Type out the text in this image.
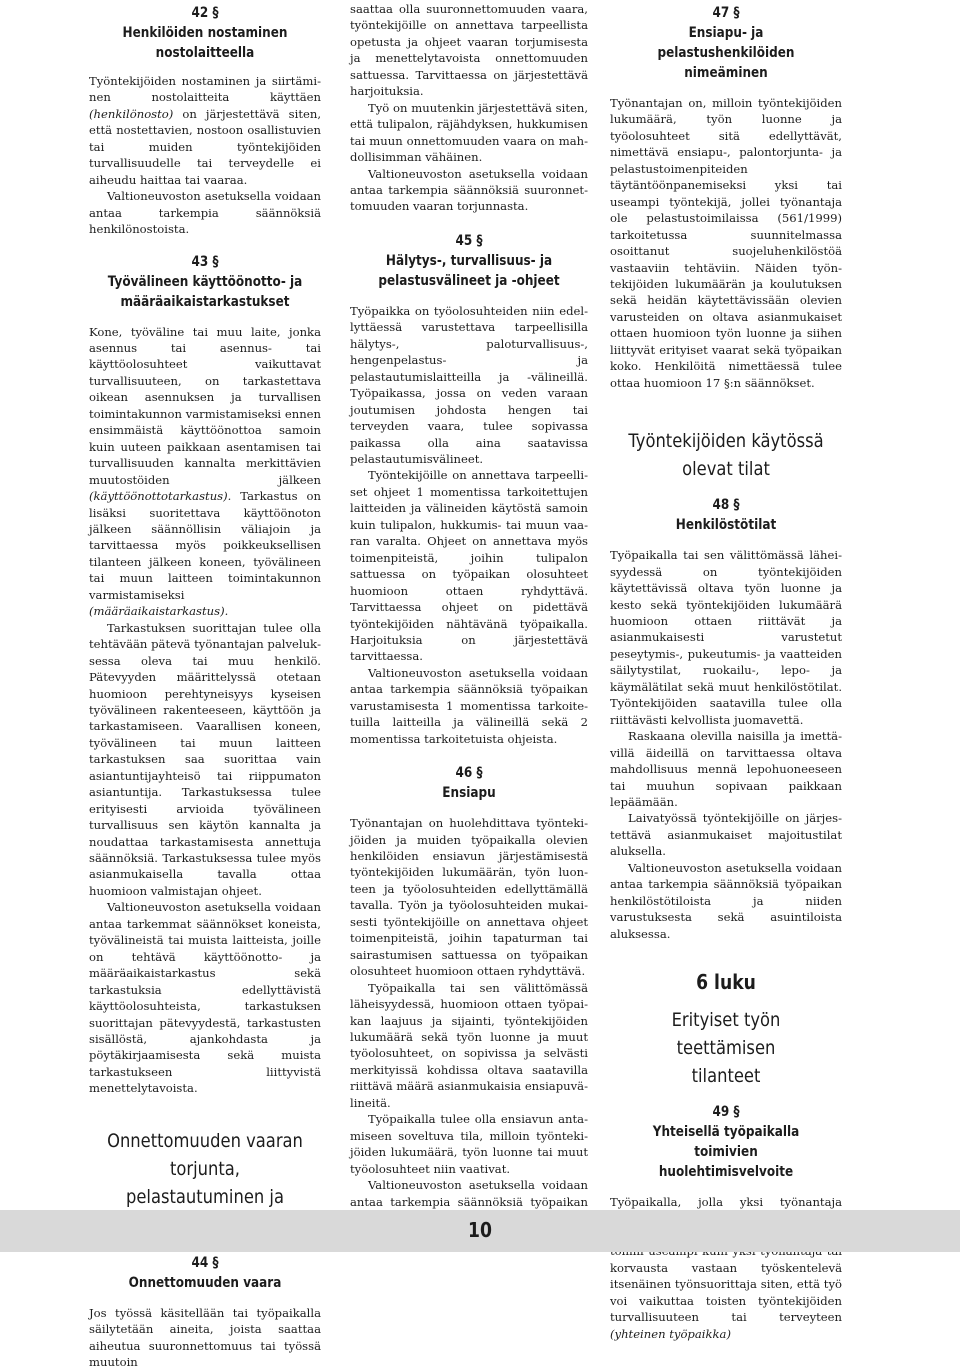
42 §

Henkilöiden nostaminen
nostolaitteella

Työntekijöiden nostaminen ja siirtäminen nostolaitteita käyttäen (henkilönosto) on järjestettävä siten, että nostettavien, nostoon osallistuvien tai muiden työntekijöiden turvallisuudelle tai terveydelle ei aiheudu haittaa tai vaaraa.

Valtioneuvoston asetuksella voidaan antaa tarkempia säännöksiä henkilönostoista.

43 §

Työvälineen käyttöönotto- ja
määräaikaistarkastukset

Kone, työväline tai muu laite, jonka asennus tai asennus- tai käyttöolosuhteet vaikuttavat turvallisuuteen, on tarkastettava oikean asennuksen ja turvallisen toimintakunnon varmistamiseksi ennen ensimmäistä käyttöönottoa samoin kuin uuteen paikkaan asentamisen tai turvallisuuden kannalta merkittävien muutostöiden jälkeen (käyttöönottotarkastus). Tarkastus on lisäksi suoritettava käyttöönoton jälkeen säännöllisin väliajoin ja tarvittaessa myös poikkeuksellisen tilanteen jälkeen koneen, työvälineen tai muun laitteen toimintakunnon varmistamiseksi (määräaikaistarkastus).

Tarkastuksen suorittajan tulee olla tehtävään pätevä työnantajan palveluksessa oleva tai muu henkilö. Pätevyyden määrittelyssä otetaan huomioon perehtyneisyys kyseisen työvälineen rakenteeseen, käyttöön ja tarkastamiseen. Vaarallisen koneen, työvälineen tai muun laitteen tarkastuksen saa suorittaa vain asiantuntijayhteisö tai riippumaton asiantuntija. Tarkastuksessa tulee erityisesti arvioida työvälineen turvallisuus sen käytön kannalta ja noudattaa tarkastamisesta annettuja säännöksiä. Tarkastuksessa tulee myös asianmukaisella tavalla ottaa huomioon valmistajan ohjeet.

Valtioneuvoston asetuksella voidaan antaa tarkemmat säännökset koneista, työvälineistä tai muista laitteista, joille on tehtävä käyttöönotto- ja määräaikaistarkastus sekä tarkastuksia edellyttävistä käyttöolosuhteista, tarkastuksen suorittajan pätevyydestä, tarkastusten sisällöstä, ajankohdasta ja pöytäkirjaamisesta sekä muista tarkastukseen liittyvistä menettelytavoista.

Onnettomuuden vaaran torjunta,
pelastautuminen ja

44 §

Onnettomuuden vaara

Jos työssä käsitellään tai työpaikalla säilytetään aineita, joista saattaa aiheutua suuronnettomuus tai työssä muutoin

saattaa olla suuronnettomuuden vaara, työntekijöille on annettava tarpeellista opetusta ja ohjeet vaaran torjumisesta ja menettelytavoista onnettomuuden sattuessa. Tarvittaessa on järjestettävä harjoituksia.

Työ on muutenkin järjestettävä siten, että tulipalon, räjähdyksen, hukkumisen tai muun onnettomuuden vaara on mahdollisimman vähäinen.

Valtioneuvoston asetuksella voidaan antaa tarkempia säännöksiä suuronnettomuuden vaaran torjunnasta.

45 §

Hälytys-, turvallisuus- ja
pelastusvälineet ja -ohjeet

Työpaikka on työolosuhteiden niin edellyttäessä varustettava tarpeellisilla hälytys-, paloturvallisuus-, hengenpelastus- ja pelastautumislaitteilla ja -välineillä. Työpaikassa, jossa on veden varaan joutumisen johdosta hengen tai terveyden vaara, tulee sopivassa paikassa olla aina saatavissa pelastautumisvälineet.

Työntekijöille on annettava tarpeelliset ohjeet 1 momentissa tarkoitettujen laitteiden ja välineiden käytöstä samoin kuin tulipalon, hukkumis- tai muun vaaran varalta. Ohjeet on annettava myös toimenpiteistä, joihin tulipalon sattuessa on työpaikan olosuhteet huomioon ottaen ryhdyttävä. Tarvittaessa ohjeet on pidettävä työntekijöiden nähtävänä työpaikalla. Harjoituksia on järjestettävä tarvittaessa.

Valtioneuvoston asetuksella voidaan antaa tarkempia säännöksiä työpaikan varustamisesta 1 momentissa tarkoitetuilla laitteilla ja välineillä sekä 2 momentissa tarkoitetuista ohjeista.

46 §

Ensiapu

Työnantajan on huolehdittava työntekijöiden ja muiden työpaikalla olevien henkilöiden ensiavun järjestämisestä työntekijöiden lukumäärän, työn luonteen ja työolosuhteiden edellyttämällä tavalla. Työn ja työolosuhteiden mukaisesti työntekijöille on annettava ohjeet toimenpiteistä, joihin tapaturman tai sairastumisen sattuessa on työpaikan olosuhteet huomioon ottaen ryhdyttävä.

Työpaikalla tai sen välittömässä läheisyydessä, huomioon ottaen työpaikan laajuus ja sijainti, työntekijöiden lukumäärä sekä työn luonne ja muut työolosuhteet, on sopivissa ja selvästi merkityissä kohdissa oltava saatavilla riittävä määrä asianmukaisia ensiapuvälineitä.

Työpaikalla tulee olla ensiavun antamiseen soveltuva tila, milloin työntekijöiden lukumäärä, työn luonne tai muut työolosuhteet niin vaativat.

Valtioneuvoston asetuksella voidaan antaa tarkempia säännöksiä työpaikan

47 §

Ensiapu- ja pelastushenkilöiden
nimeäminen

Työnantajan on, milloin työntekijöiden lukumäärä, työn luonne ja työolosuhteet sitä edellyttävät, nimettävä ensiapu-, palontorjunta- ja pelastustoimenpiteiden täytäntöönpanemiseksi yksi tai useampi työntekijä, jollei työnantaja ole pelastustoimilaissa (561/1999) tarkoitetussa suunnitelmassa osoittanut suojeluhenkilöstöä vastaaviin tehtäviin. Näiden työntekijöiden lukumäärän ja koulutuksen sekä heidän käytettävissään olevien varusteiden on oltava asianmukaiset ottaen huomioon työn luonne ja siihen liittyvät erityiset vaarat sekä työpaikan koko. Henkilöitä nimettäessä tulee ottaa huomioon 17 §:n säännökset.

Työntekijöiden käytössä
olevat tilat

48 §

Henkilöstötilat

Työpaikalla tai sen välittömässä läheisyydessä on työntekijöiden käytettävissä oltava työn luonne ja kesto sekä työntekijöiden lukumäärä huomioon ottaen riittävät ja asianmukaisesti varustetut peseytymis-, pukeutumis- ja vaatteiden säilytystilat, ruokailu-, lepo- ja käymälätilat sekä muut henkilöstötilat. Työntekijöiden saatavilla tulee olla riittävästi kelvollista juomavettä.

Raskaana olevilla naisilla ja imettävillä äideillä on tarvittaessa oltava mahdollisuus mennä lepohuoneeseen tai muuhun sopivaan paikkaan lepäämään.

Laivatyössä työntekijöille on järjestettävä asianmukaiset majoitustilat aluksella.

Valtioneuvoston asetuksella voidaan antaa tarkempia säännöksiä työpaikan henkilöstötiloista ja niiden varustuksesta sekä asuintiloista aluksessa.

6 luku

Erityiset työn teettämisen
tilanteet

49 §

Yhteisellä työpaikalla toimivien
huolehtimisvelvoite

Työpaikalla, jolla yksi työnantaja korvausta vastaan työskentelevä itsenäinen työnsuorittaja siten, että työ voi vaikuttaa toisten työntekijöiden turvallisuuteen tai terveyteen (yhteinen työpaikka)

10
